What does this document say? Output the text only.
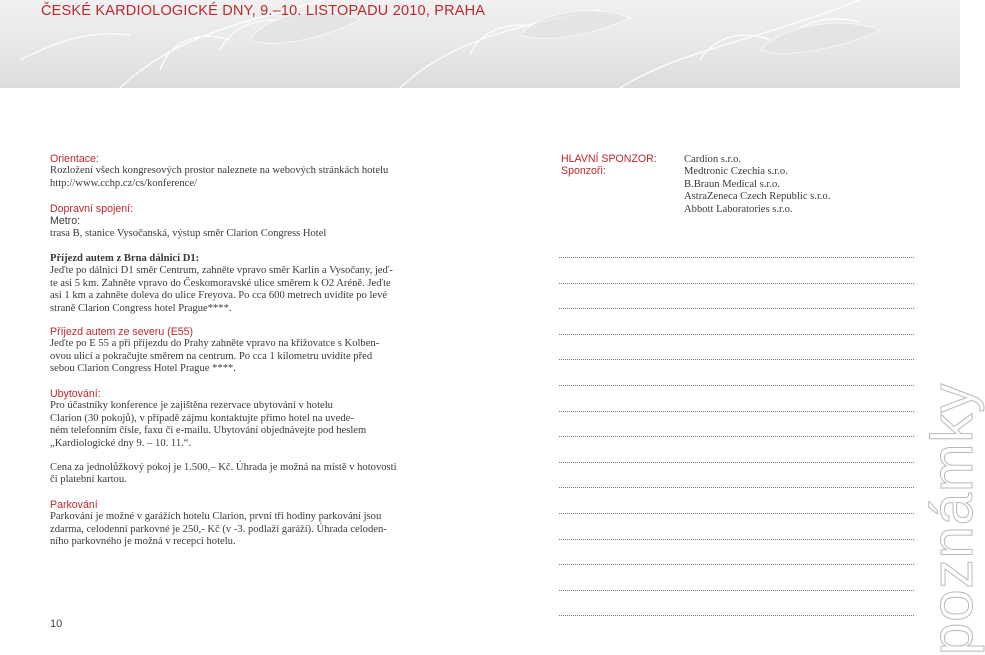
ČESKÉ KARDIOLOGICKÉ DNY, 9.–10. LISTOPADU 2010, PRAHA
Orientace:
Rozložení všech kongresových prostor naleznete na webových stránkách hotelu
http://www.cchp.cz/cs/konference/
Dopravní spojení:
Metro:
trasa B, stanice Vysočanská, výstup směr Clarion Congress Hotel
Příjezd autem z Brna dálnicí D1:
Jeďte po dálnici D1 směr Centrum, zahněte vpravo směr Karlín a Vysočany, jeď-
te asi 5 km. Zahněte vpravo do Českomoravské ulice směrem k O2 Aréně. Jeďte
asi 1 km a zahněte doleva do ulice Freyova. Po cca 600 metrech uvidíte po levé
straně Clarion Congress hotel Prague****.
Příjezd autem ze severu (E55)
Jeďte po E 55 a při příjezdu do Prahy zahněte vpravo na křižovatce s Kolben-
ovou ulicí a pokračujte směrem na centrum. Po cca 1 kilometru uvidíte před
sebou Clarion Congress Hotel Prague ****.
Ubytování:
Pro účastníky konference je zajištěna rezervace ubytování v hotelu
Clarion (30 pokojů), v případě zájmu kontaktujte přímo hotel na uvede-
ném telefonním čísle, faxu či e-mailu. Ubytování objednávejte pod heslem
„Kardiologické dny 9. – 10. 11.“.
Cena za jednolůžkový pokoj je 1.500,– Kč. Úhrada je možná na místě v hotovosti
či platební kartou.
Parkování
Parkování je možné v garážích hotelu Clarion, první tři hodiny parkování jsou
zdarma, celodenní parkovné je 250,- Kč (v -3. podlaží garáží). Úhrada celoden-
ního parkovného je možná v recepci hotelu.
HLAVNÍ SPONZOR:
Sponzoři:
Cardion s.r.o.
Medtronic Czechia s.r.o.
B.Braun Medical s.r.o.
AstraZeneca Czech Republic s.r.o.
Abbott Laboratories s.r.o.
poznámky
10
